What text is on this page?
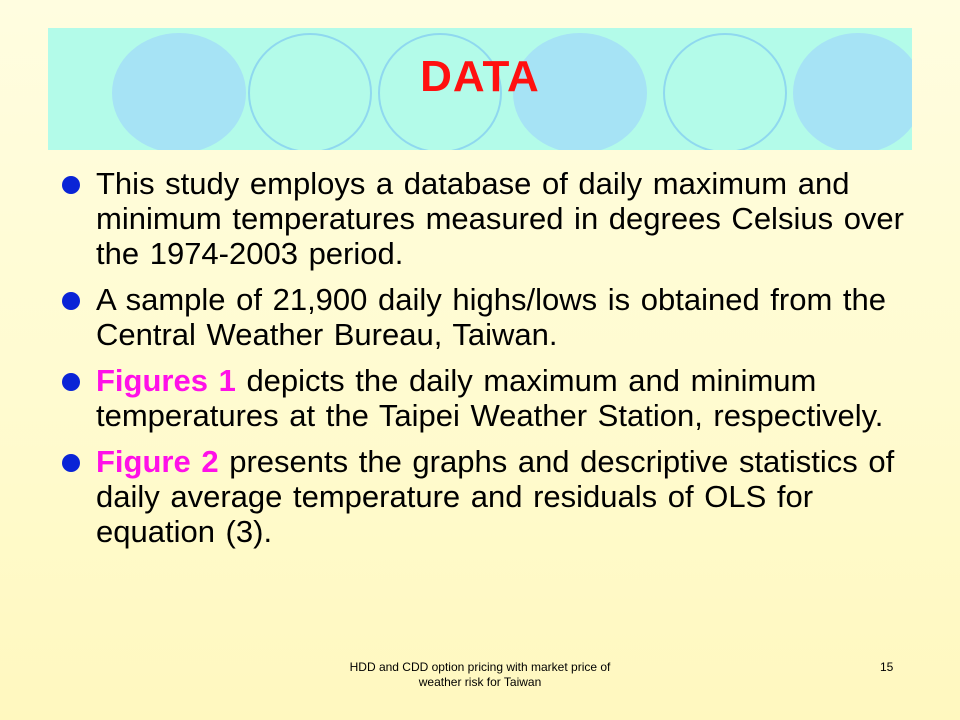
DATA
This study employs a database of daily maximum and minimum temperatures measured in degrees Celsius over the 1974-2003 period.
A sample of 21,900 daily highs/lows is obtained from the Central Weather Bureau, Taiwan.
Figures 1 depicts the daily maximum and minimum temperatures at the Taipei Weather Station, respectively.
Figure 2 presents the graphs and descriptive statistics of daily average temperature and residuals of OLS for equation (3).
HDD and CDD option pricing with market price of weather risk for Taiwan
15
